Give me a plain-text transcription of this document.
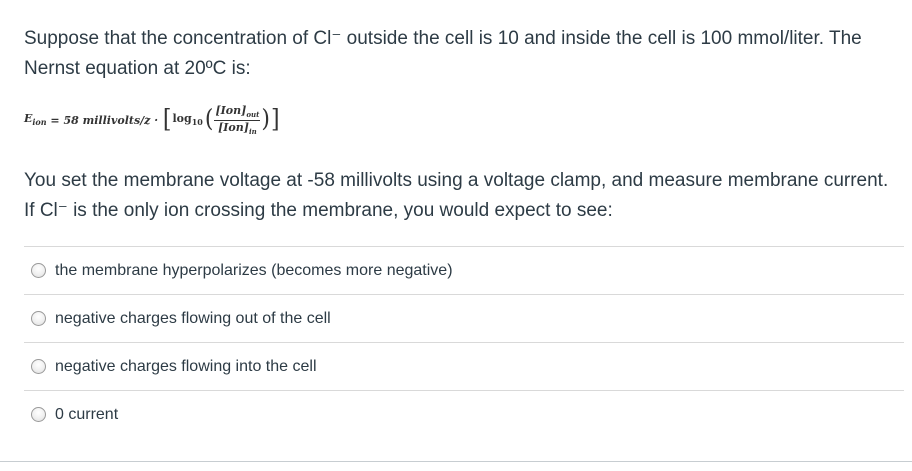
Suppose that the concentration of Cl⁻ outside the cell is 10 and inside the cell is 100 mmol/liter. The Nernst equation at 20ºC is:

$E_{ion} = 58$ millivolts/z · [ $\log_{10}$ ( $\frac{[Ion]_{out}}{[Ion]_{in}}$ ) ]

You set the membrane voltage at -58 millivolts using a voltage clamp, and measure membrane current. If Cl⁻ is the only ion crossing the membrane, you would expect to see:

the membrane hyperpolarizes (becomes more negative)
negative charges flowing out of the cell
negative charges flowing into the cell
0 current
